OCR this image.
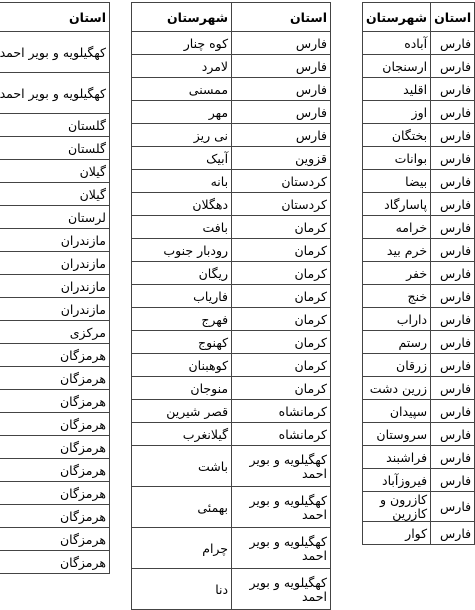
استان
کهگیلویه و بویر احمد
کهگیلویه و بویر احمد
گلستان
گلستان
گیلان
گیلان
لرستان
مازندران
مازندران
مازندران
مازندران
مرکزی
هرمزگان
هرمزگان
هرمزگان
هرمزگان
هرمزگان
هرمزگان
هرمزگان
هرمزگان
هرمزگان
هرمزگان
استان	شهرستان
فارس	کوه چنار
فارس	لامرد
فارس	ممسنی
فارس	مهر
فارس	نی ریز
قزوین	آبیک
کردستان	بانه
کردستان	دهگلان
کرمان	بافت
کرمان	رودبار جنوب
کرمان	ریگان
کرمان	فاریاب
کرمان	فهرج
کرمان	کهنوج
کرمان	کوهبنان
کرمان	منوجان
کرمانشاه	قصر شیرین
کرمانشاه	گیلانغرب
کهگیلویه و بویر احمد	باشت
کهگیلویه و بویر احمد	بهمئی
کهگیلویه و بویر احمد	چرام
کهگیلویه و بویر احمد	دنا
استان	شهرستان
فارس	آباده
فارس	ارسنجان
فارس	اقلید
فارس	اوز
فارس	بختگان
فارس	بوانات
فارس	بیضا
فارس	پاسارگاد
فارس	خرامه
فارس	خرم بید
فارس	خفر
فارس	خنج
فارس	داراب
فارس	رستم
فارس	زرقان
فارس	زرین دشت
فارس	سپیدان
فارس	سروستان
فارس	فراشبند
فارس	فیروزآباد
فارس	کازرون و کازرین
فارس	کوار
